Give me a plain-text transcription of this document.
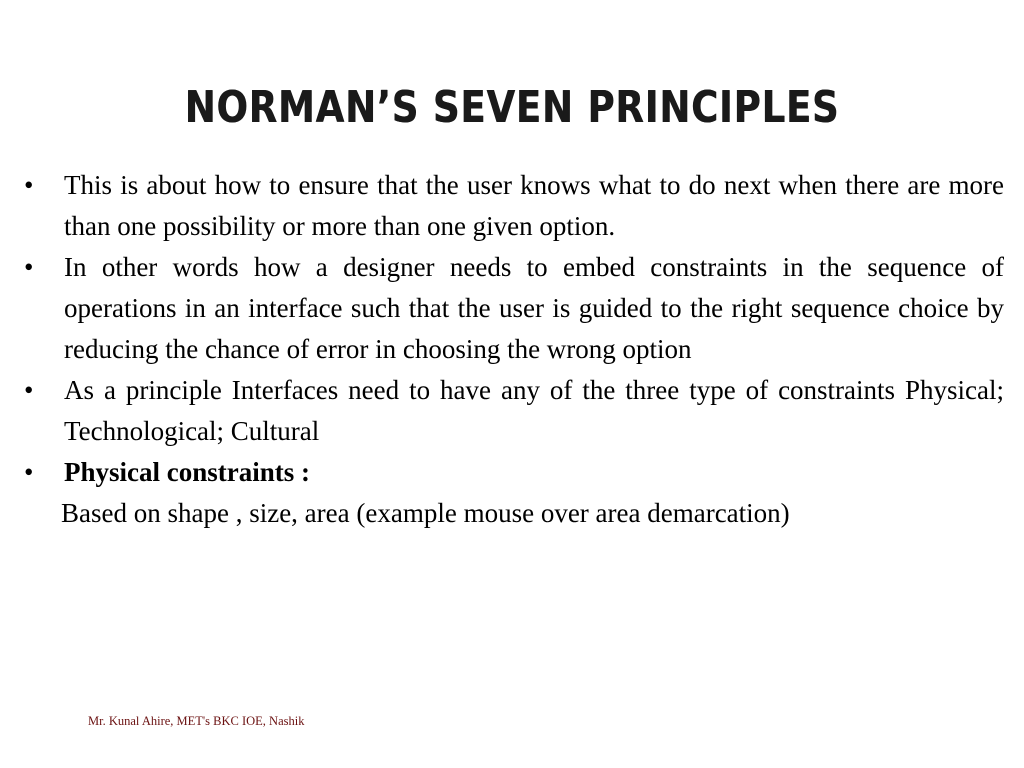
NORMAN’S SEVEN PRINCIPLES
•	This is about how to ensure that the user knows what to do next when there are more than one possibility or more than one given option.
•	In other words how a designer needs to embed constraints in the sequence of operations in an interface such that the user is guided to the right sequence choice by reducing the chance of error in choosing the wrong option
•	As a principle Interfaces need to have any of the three type of constraints Physical; Technological; Cultural
•	Physical constraints :
Based on shape , size, area (example mouse over area demarcation)
Mr. Kunal Ahire, MET's BKC IOE, Nashik
